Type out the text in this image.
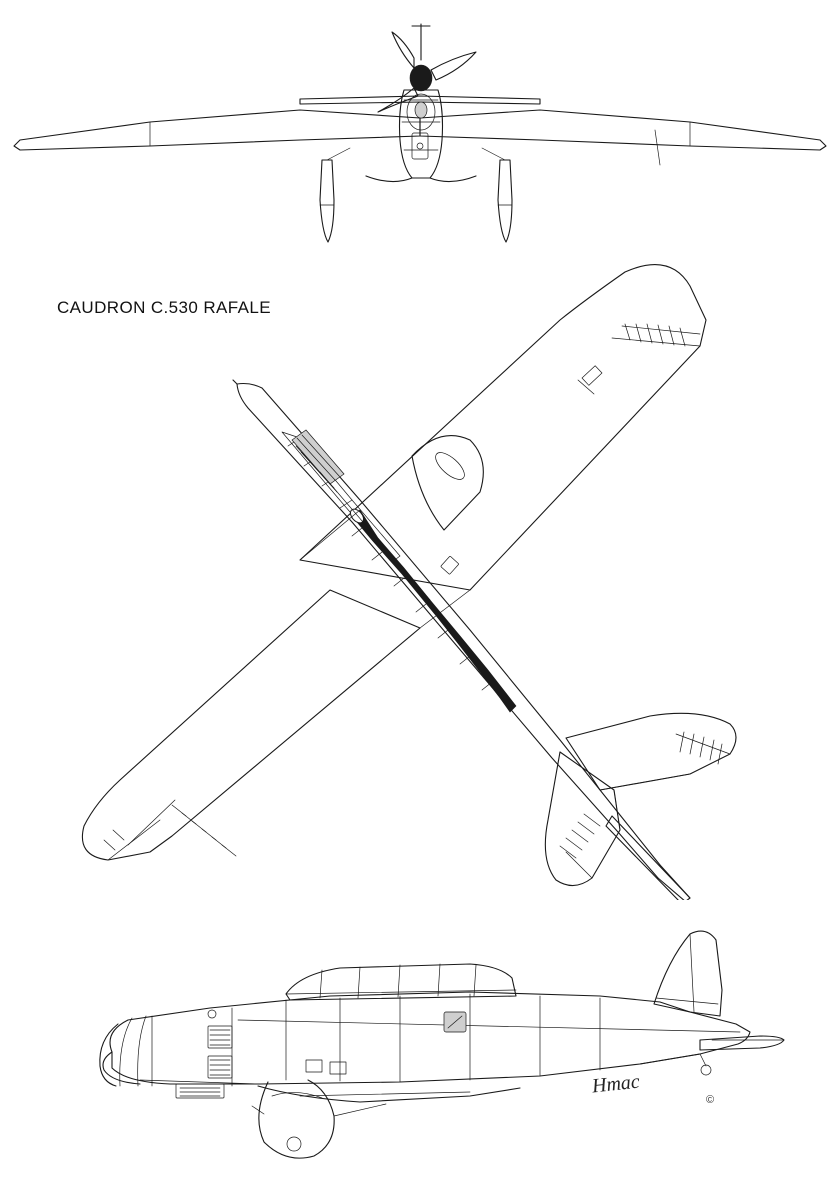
CAUDRON C.530 RAFALE
Hmac
©
